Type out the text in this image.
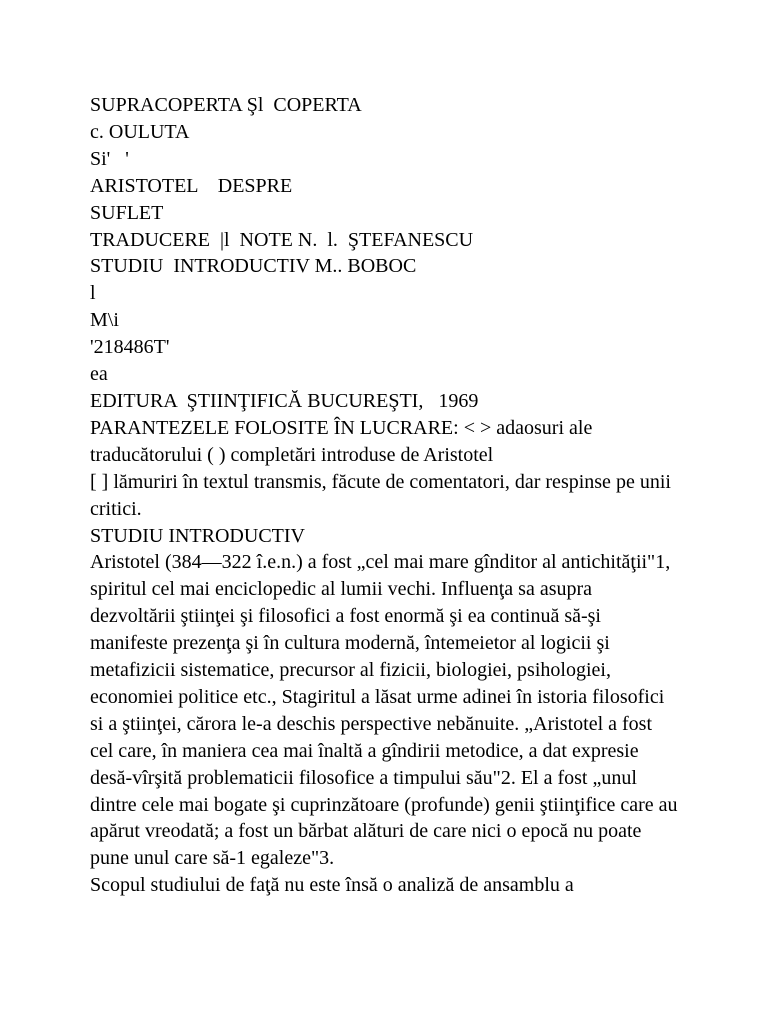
SUPRACOPERTA Şl  COPERTA
c. OULUTA
Si'   '
ARISTOTEL    DESPRE
SUFLET
TRADUCERE  |l  NOTE N.  l.  ŞTEFANESCU
STUDIU  INTRODUCTIV M.. BOBOC
l
M\i
'218486T'
ea
EDITURA  ŞTIINŢIFICĂ BUCUREŞTI,   1969
PARANTEZELE FOLOSITE ÎN LUCRARE: < > adaosuri ale traducătorului ( ) completări introduse de Aristotel
[ ] lămuriri în textul transmis, făcute de comentatori, dar respinse pe unii critici.
STUDIU INTRODUCTIV
Aristotel (384—322 î.e.n.) a fost „cel mai mare gînditor al antichităţii"1, spiritul cel mai enciclopedic al lumii vechi. Influenţa sa asupra dezvoltării ştiinţei şi filosofici a fost enormă şi ea continuă să-şi manifeste prezenţa şi în cultura modernă, întemeietor al logicii şi metafizicii sistematice, precursor al fizicii, biologiei, psihologiei, economiei politice etc., Stagiritul a lăsat urme adinei în istoria filosofici si a ştiinţei, cărora le-a deschis perspective nebănuite. „Aristotel a fost cel care, în maniera cea mai înaltă a gîndirii metodice, a dat expresie desă-vîrşită problematicii filosofice a timpului său"2. El a fost „unul dintre cele mai bogate şi cuprinzătoare (profunde) genii ştiinţifice care au apărut vreodată; a fost un bărbat alături de care nici o epocă nu poate pune unul care să-1 egaleze"3.
Scopul studiului de faţă nu este însă o analiză de ansamblu a
